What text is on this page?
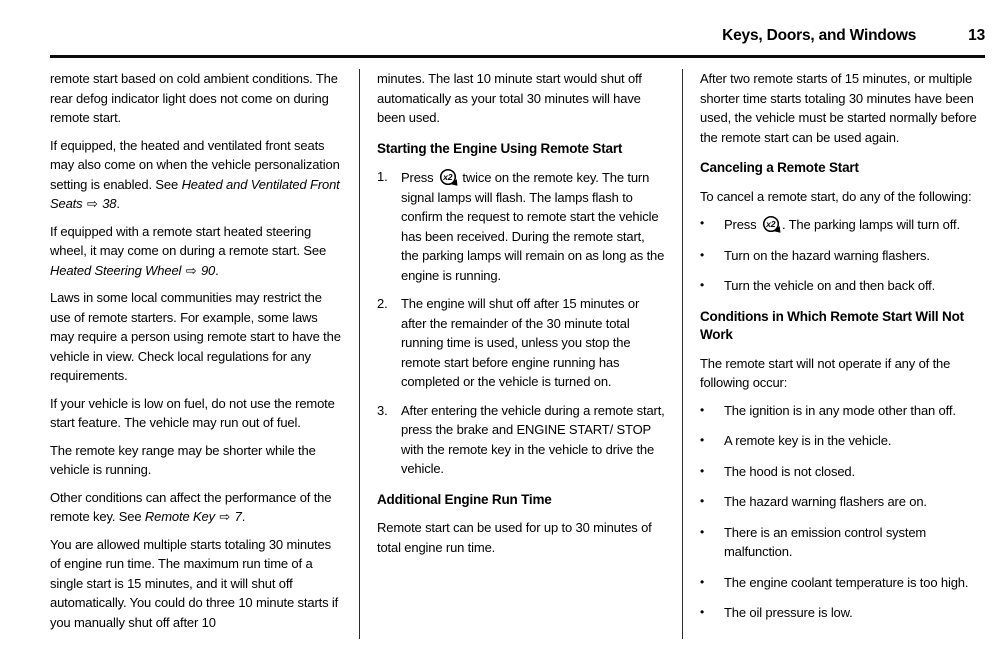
Keys, Doors, and Windows	13

remote start based on cold ambient conditions. The rear defog indicator light does not come on during remote start.

If equipped, the heated and ventilated front seats may also come on when the vehicle personalization setting is enabled. See Heated and Ventilated Front Seats ⇨ 38.

If equipped with a remote start heated steering wheel, it may come on during a remote start. See Heated Steering Wheel ⇨ 90.

Laws in some local communities may restrict the use of remote starters. For example, some laws may require a person using remote start to have the vehicle in view. Check local regulations for any requirements.

If your vehicle is low on fuel, do not use the remote start feature. The vehicle may run out of fuel.

The remote key range may be shorter while the vehicle is running.

Other conditions can affect the performance of the remote key. See Remote Key ⇨ 7.

You are allowed multiple starts totaling 30 minutes of engine run time. The maximum run time of a single start is 15 minutes, and it will shut off automatically. You could do three 10 minute starts if you manually shut off after 10

minutes. The last 10 minute start would shut off automatically as your total 30 minutes will have been used.

Starting the Engine Using Remote Start
1.	Press x2 twice on the remote key. The turn signal lamps will flash. The lamps flash to confirm the request to remote start the vehicle has been received. During the remote start, the parking lamps will remain on as long as the engine is running.
2.	The engine will shut off after 15 minutes or after the remainder of the 30 minute total running time is used, unless you stop the remote start before engine running has completed or the vehicle is turned on.
3.	After entering the vehicle during a remote start, press the brake and ENGINE START/ STOP with the remote key in the vehicle to drive the vehicle.
Additional Engine Run Time

Remote start can be used for up to 30 minutes of total engine run time.

After two remote starts of 15 minutes, or multiple shorter time starts totaling 30 minutes have been used, the vehicle must be started normally before the remote start can be used again.

Canceling a Remote Start

To cancel a remote start, do any of the following:

•	Press x2 . The parking lamps will turn off.
•	Turn on the hazard warning flashers.
•	Turn the vehicle on and then back off.
Conditions in Which Remote Start Will Not Work

The remote start will not operate if any of the following occur:

•	The ignition is in any mode other than off.
•	A remote key is in the vehicle.
•	The hood is not closed.
•	The hazard warning flashers are on.
•	There is an emission control system malfunction.
•	The engine coolant temperature is too high.
•	The oil pressure is low.
